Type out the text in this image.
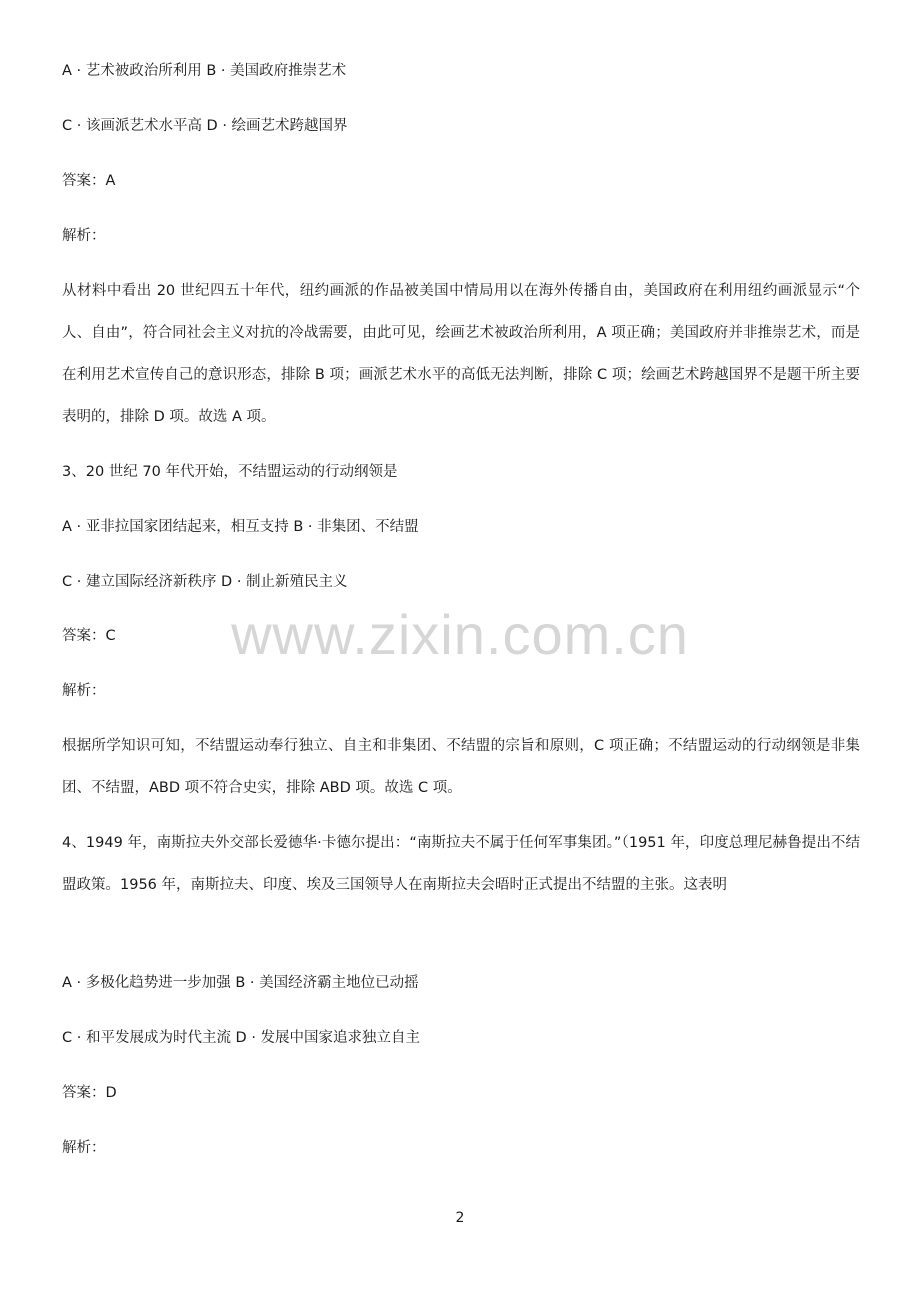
A · 艺术被政治所利用 B · 美国政府推崇艺术
C · 该画派艺术水平高 D · 绘画艺术跨越国界
答案：A
解析：
从材料中看出 20 世纪四五十年代，纽约画派的作品被美国中情局用以在海外传播自由，美国政府在利用纽约画派显示“个人、自由”，符合同社会主义对抗的冷战需要，由此可见，绘画艺术被政治所利用，A 项正确；美国政府并非推崇艺术，而是在利用艺术宣传自己的意识形态，排除 B 项；画派艺术水平的高低无法判断，排除 C 项；绘画艺术跨越国界不是题干所主要表明的，排除 D 项。故选 A 项。
3、20 世纪 70 年代开始，不结盟运动的行动纲领是
A · 亚非拉国家团结起来，相互支持 B · 非集团、不结盟
C · 建立国际经济新秩序 D · 制止新殖民主义
答案：C
解析：
根据所学知识可知，不结盟运动奉行独立、自主和非集团、不结盟的宗旨和原则，C 项正确；不结盟运动的行动纲领是非集团、不结盟，ABD 项不符合史实，排除 ABD 项。故选 C 项。
4、1949 年，南斯拉夫外交部长爱德华·卡德尔提出：“南斯拉夫不属于任何军事集团。”（1951 年，印度总理尼赫鲁提出不结盟政策。1956 年，南斯拉夫、印度、埃及三国领导人在南斯拉夫会晤时正式提出不结盟的主张。这表明
A · 多极化趋势进一步加强 B · 美国经济霸主地位已动摇
C · 和平发展成为时代主流 D · 发展中国家追求独立自主
答案：D
解析：
www.zixin.com.cn
2
